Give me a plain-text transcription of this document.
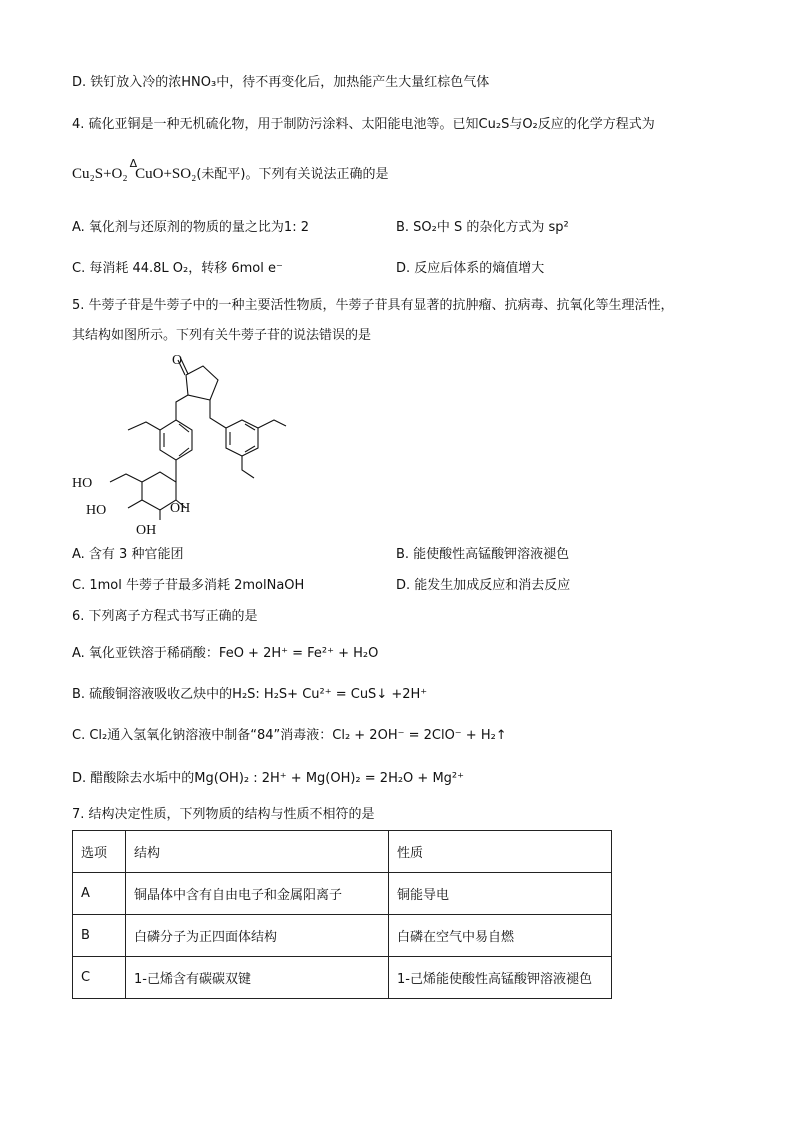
D. 铁钉放入冷的浓HNO₃中，待不再变化后，加热能产生大量红棕色气体
4. 硫化亚铜是一种无机硫化物，用于制防污涂料、太阳能电池等。已知Cu₂S与O₂反应的化学方程式为
Cu₂S+O₂
Δ
CuO+SO₂(未配平)。下列有关说法正确的是
A. 氧化剂与还原剂的物质的量之比为1: 2	B. SO₂中 S 的杂化方式为 sp²
C. 每消耗 44.8L O₂，转移 6mol e⁻	D. 反应后体系的熵值增大
5. 牛蒡子苷是牛蒡子中的一种主要活性物质，牛蒡子苷具有显著的抗肿瘤、抗病毒、抗氧化等生理活性，
其结构如图所示。下列有关牛蒡子苷的说法错误的是
O
HO
HO
OH
OH
A. 含有 3 种官能团	B. 能使酸性高锰酸钾溶液褪色
C. 1mol 牛蒡子苷最多消耗 2molNaOH	D. 能发生加成反应和消去反应
6. 下列离子方程式书写正确的是
A. 氧化亚铁溶于稀硝酸：FeO + 2H⁺ = Fe²⁺ + H₂O
B. 硫酸铜溶液吸收乙炔中的H₂S: H₂S+ Cu²⁺ = CuS↓ +2H⁺
C. Cl₂通入氢氧化钠溶液中制备“84”消毒液：Cl₂ + 2OH⁻ = 2ClO⁻ + H₂↑
D. 醋酸除去水垢中的Mg(OH)₂ : 2H⁺ + Mg(OH)₂ = 2H₂O + Mg²⁺
7. 结构决定性质，下列物质的结构与性质不相符的是
选项	结构	性质
A	铜晶体中含有自由电子和金属阳离子	铜能导电
B	白磷分子为正四面体结构	白磷在空气中易自燃
C	1-己烯含有碳碳双键	1-己烯能使酸性高锰酸钾溶液褪色
